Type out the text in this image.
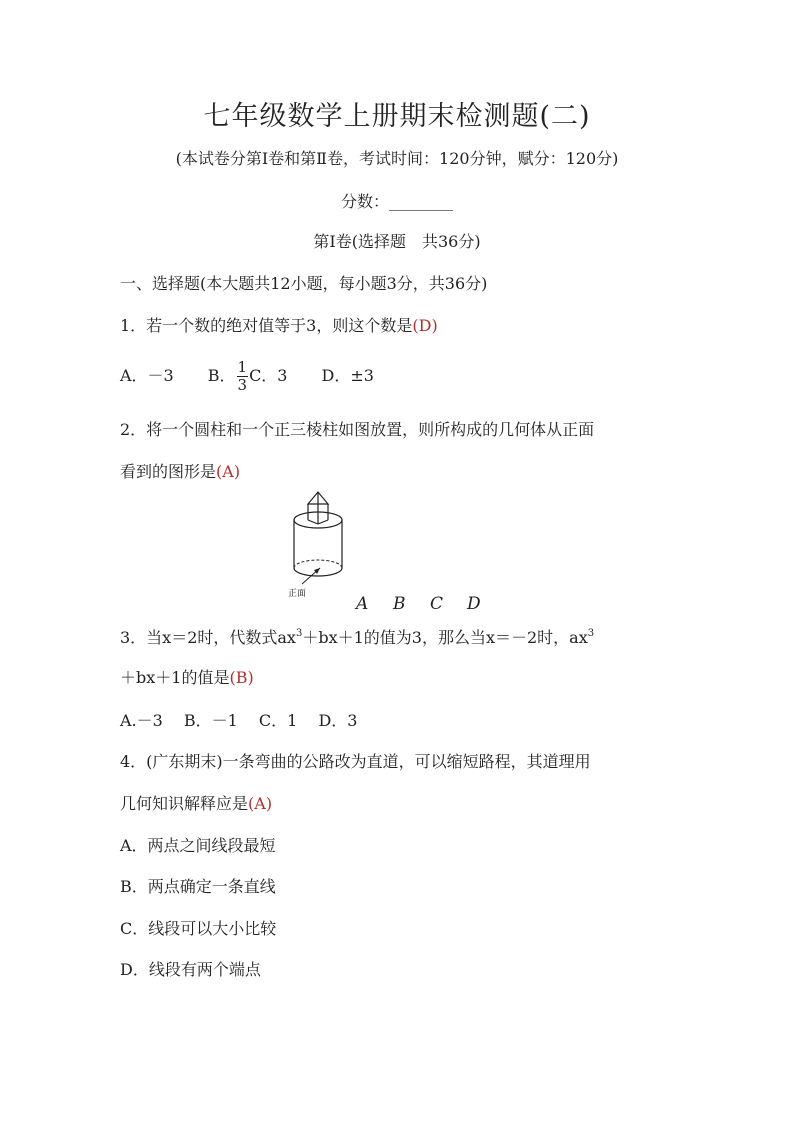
七年级数学上册期末检测题(二)
(本试卷分第Ⅰ卷和第Ⅱ卷，考试时间：120分钟，赋分：120分)
分数：________
第Ⅰ卷(选择题　共36分)
一、选择题(本大题共12小题，每小题3分，共36分)
1．若一个数的绝对值等于3，则这个数是(D)
A．－3 B． $\frac{1}{3}$ C．3 D．±3
2．将一个圆柱和一个正三棱柱如图放置，则所构成的几何体从正面
看到的图形是(A)
正面	A B C D
3．当x＝2时，代数式$ax^3+bx+1$的值为3，那么当x＝－2时，$ax^3$
＋bx＋1的值是(B)
A.－3　 B．－1　 C．1　 D．3
4．(广东期末)一条弯曲的公路改为直道，可以缩短路程，其道理用
几何知识解释应是(A)
A．两点之间线段最短
B．两点确定一条直线
C．线段可以大小比较
D．线段有两个端点
